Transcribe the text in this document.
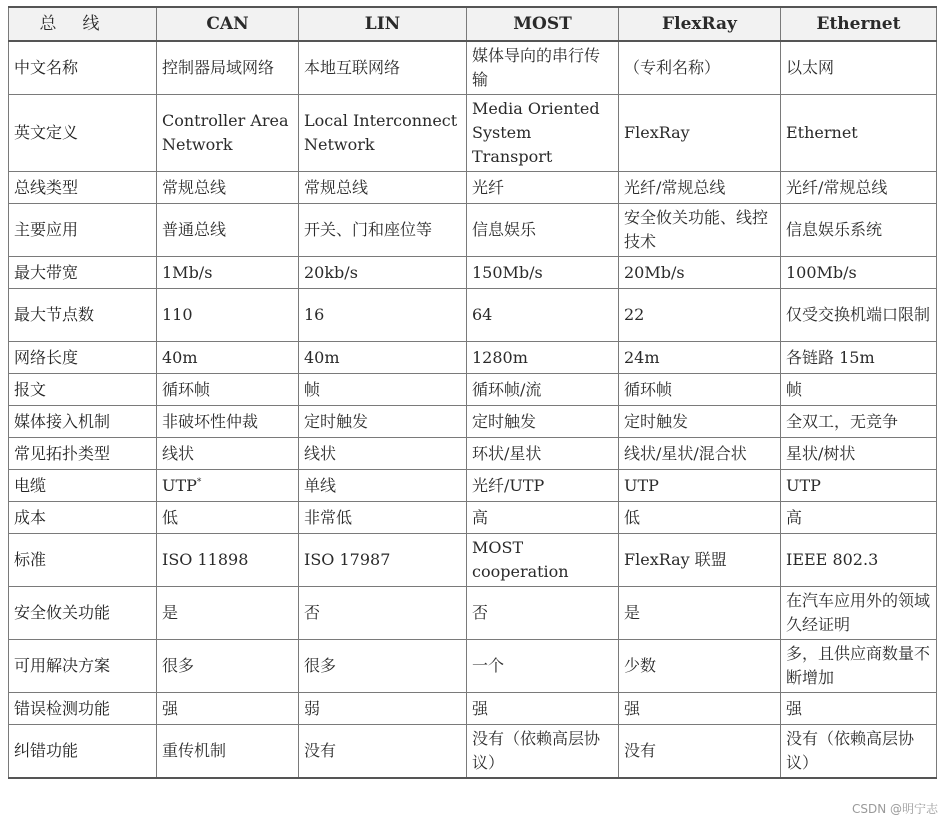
总线	CAN	LIN	MOST	FlexRay	Ethernet
中文名称	控制器局域网络	本地互联网络	媒体导向的串行传输	（专利名称）	以太网
英文定义	Controller Area Network	Local Interconnect Network	Media Oriented System Transport	FlexRay	Ethernet
总线类型	常规总线	常规总线	光纤	光纤/常规总线	光纤/常规总线
主要应用	普通总线	开关、门和座位等	信息娱乐	安全攸关功能、线控技术	信息娱乐系统
最大带宽	1Mb/s	20kb/s	150Mb/s	20Mb/s	100Mb/s
最大节点数	110	16	64	22	仅受交换机端口限制
网络长度	40m	40m	1280m	24m	各链路 15m
报文	循环帧	帧	循环帧/流	循环帧	帧
媒体接入机制	非破坏性仲裁	定时触发	定时触发	定时触发	全双工，无竞争
常见拓扑类型	线状	线状	环状/星状	线状/星状/混合状	星状/树状
电缆	UTP*	单线	光纤/UTP	UTP	UTP
成本	低	非常低	高	低	高
标准	ISO 11898	ISO 17987	MOST cooperation	FlexRay 联盟	IEEE 802.3
安全攸关功能	是	否	否	是	在汽车应用外的领域久经证明
可用解决方案	很多	很多	一个	少数	多，且供应商数量不断增加
错误检测功能	强	弱	强	强	强
纠错功能	重传机制	没有	没有（依赖高层协议）	没有	没有（依赖高层协议）
CSDN @明宁志
